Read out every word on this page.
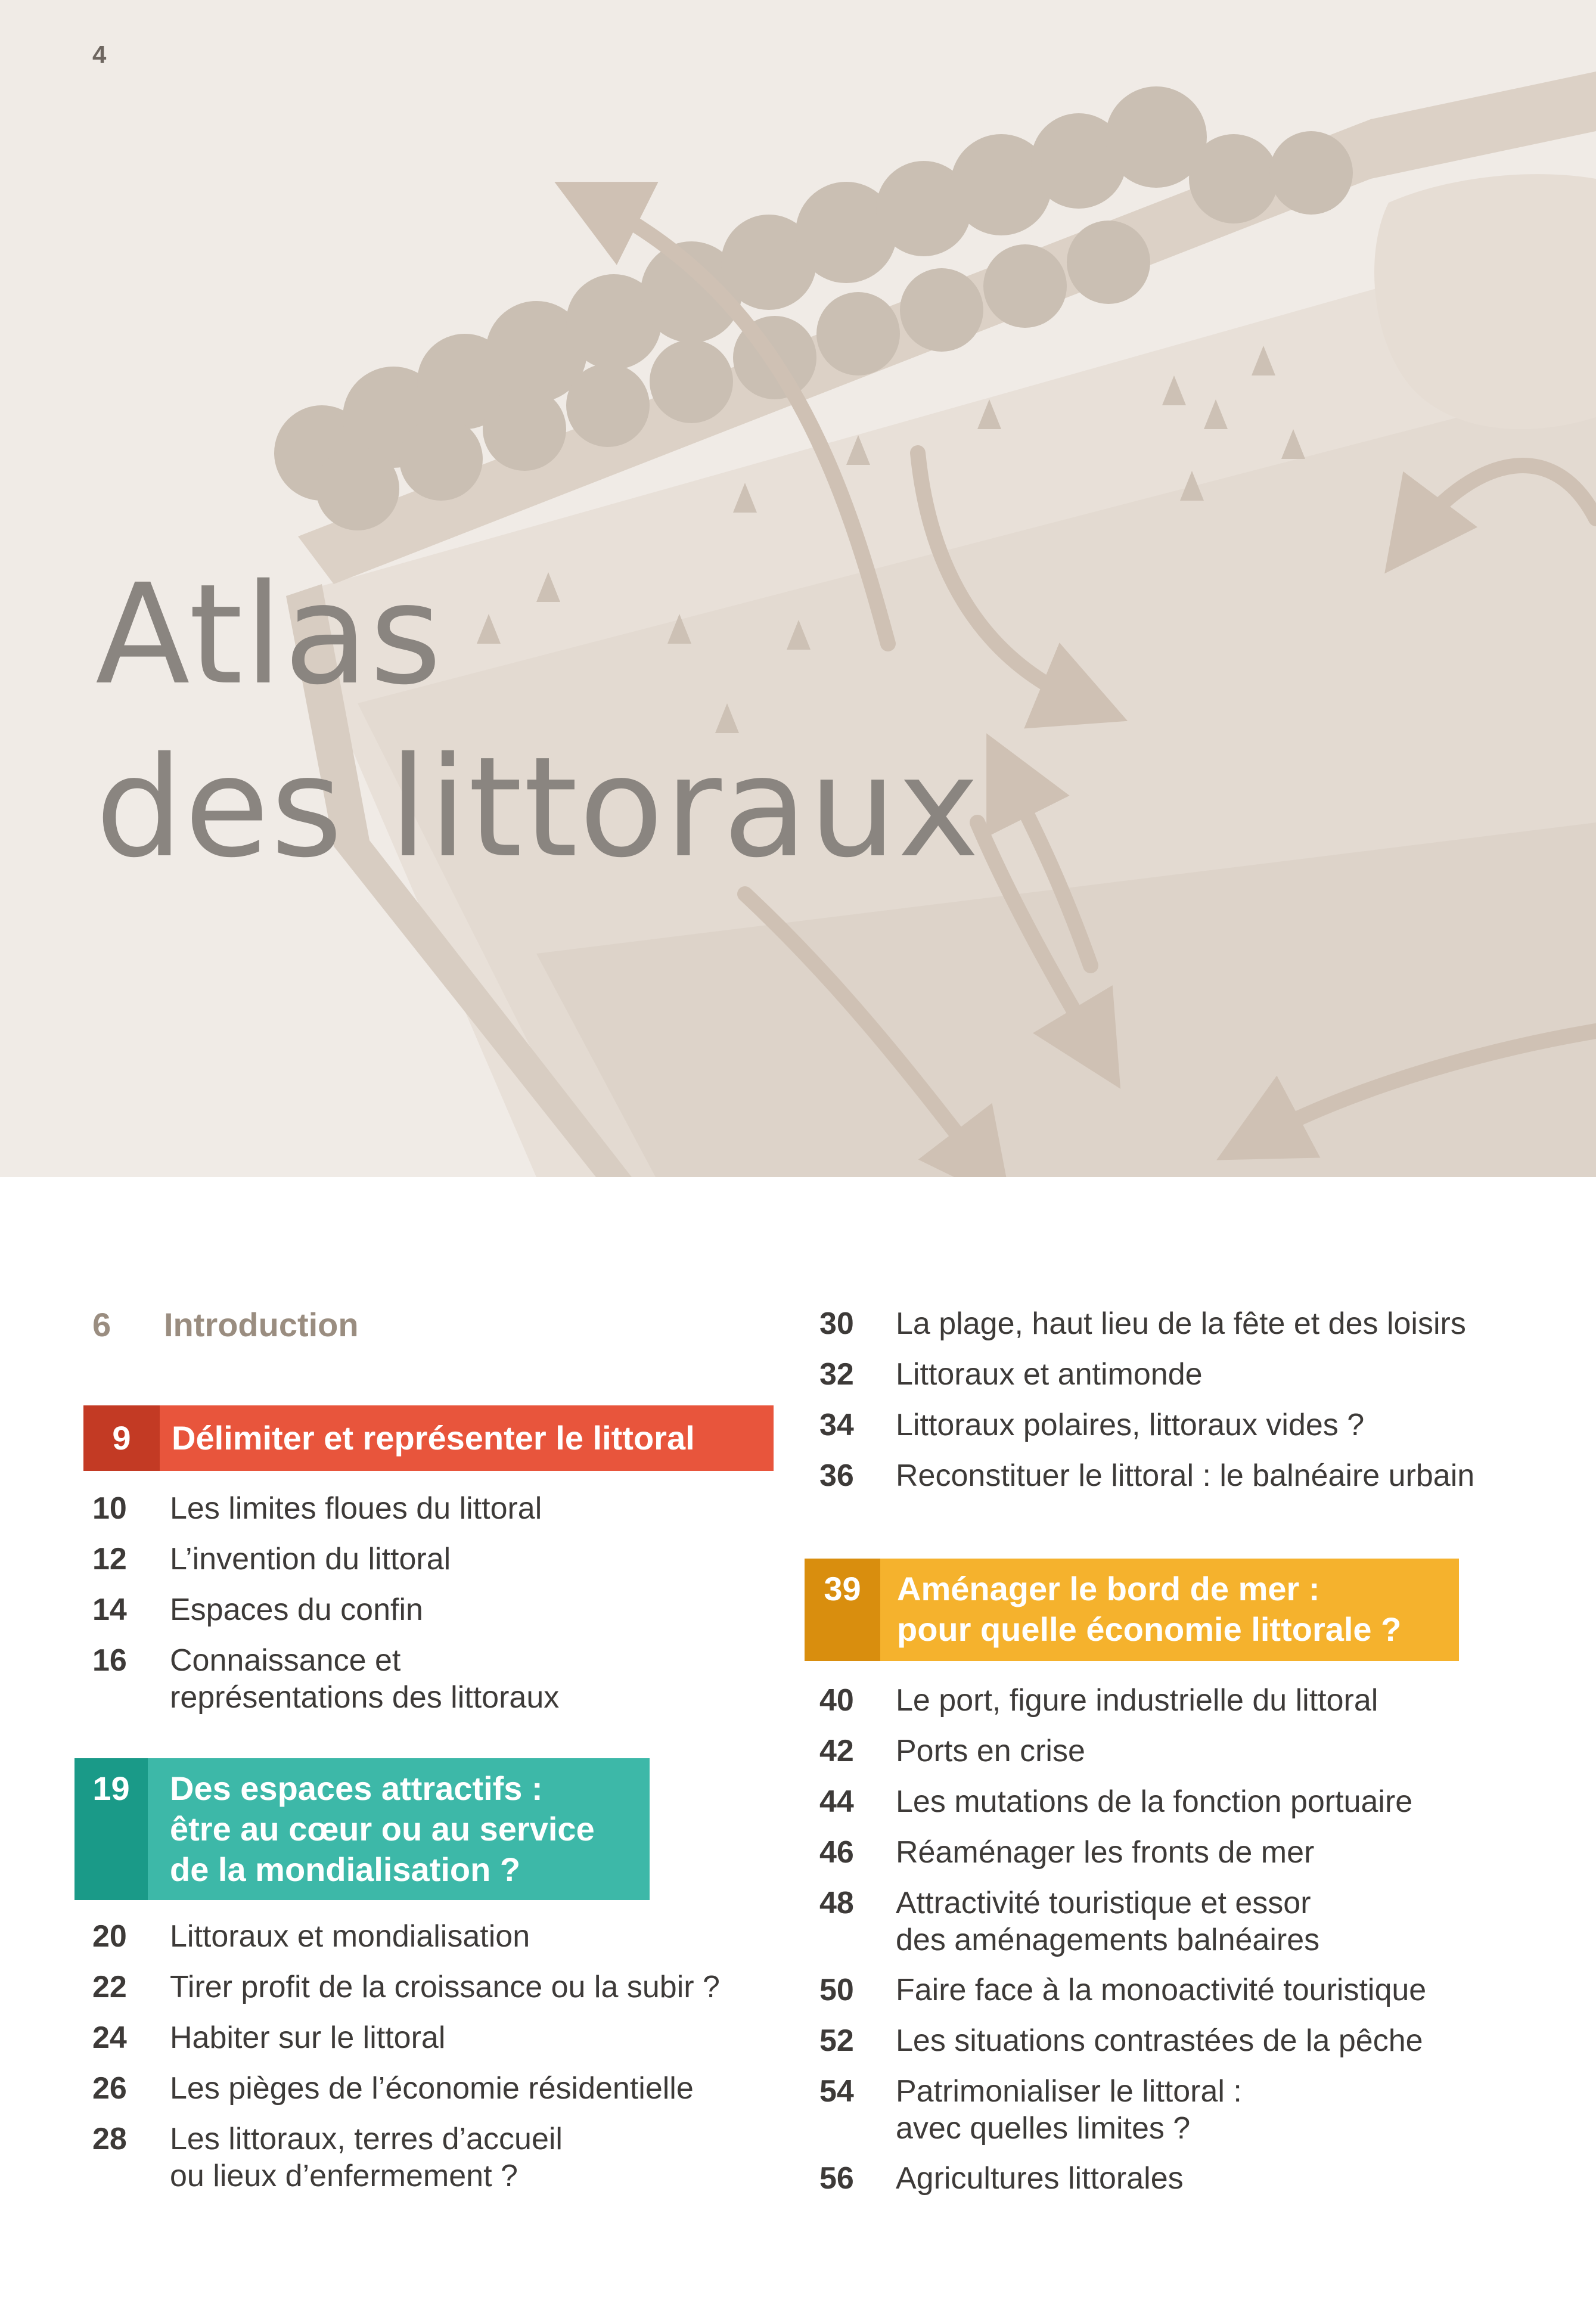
4
Atlas
des littoraux
6 Introduction
9	Délimiter et représenter le littoral
10 Les limites floues du littoral
12 L’invention du littoral
14 Espaces du confin
16 Connaissance et
représentations des littoraux
19	Des espaces attractifs :
être au cœur ou au service
de la mondialisation ?
20 Littoraux et mondialisation
22 Tirer profit de la croissance ou la subir ?
24 Habiter sur le littoral
26 Les pièges de l’économie résidentielle
28 Les littoraux, terres d’accueil
ou lieux d’enfermement ?
30 La plage, haut lieu de la fête et des loisirs
32 Littoraux et antimonde
34 Littoraux polaires, littoraux vides ?
36 Reconstituer le littoral : le balnéaire urbain
39	Aménager le bord de mer :
pour quelle économie littorale ?
40 Le port, figure industrielle du littoral
42 Ports en crise
44 Les mutations de la fonction portuaire
46 Réaménager les fronts de mer
48 Attractivité touristique et essor
des aménagements balnéaires
50 Faire face à la monoactivité touristique
52 Les situations contrastées de la pêche
54 Patrimonialiser le littoral :
avec quelles limites ?
56 Agricultures littorales
